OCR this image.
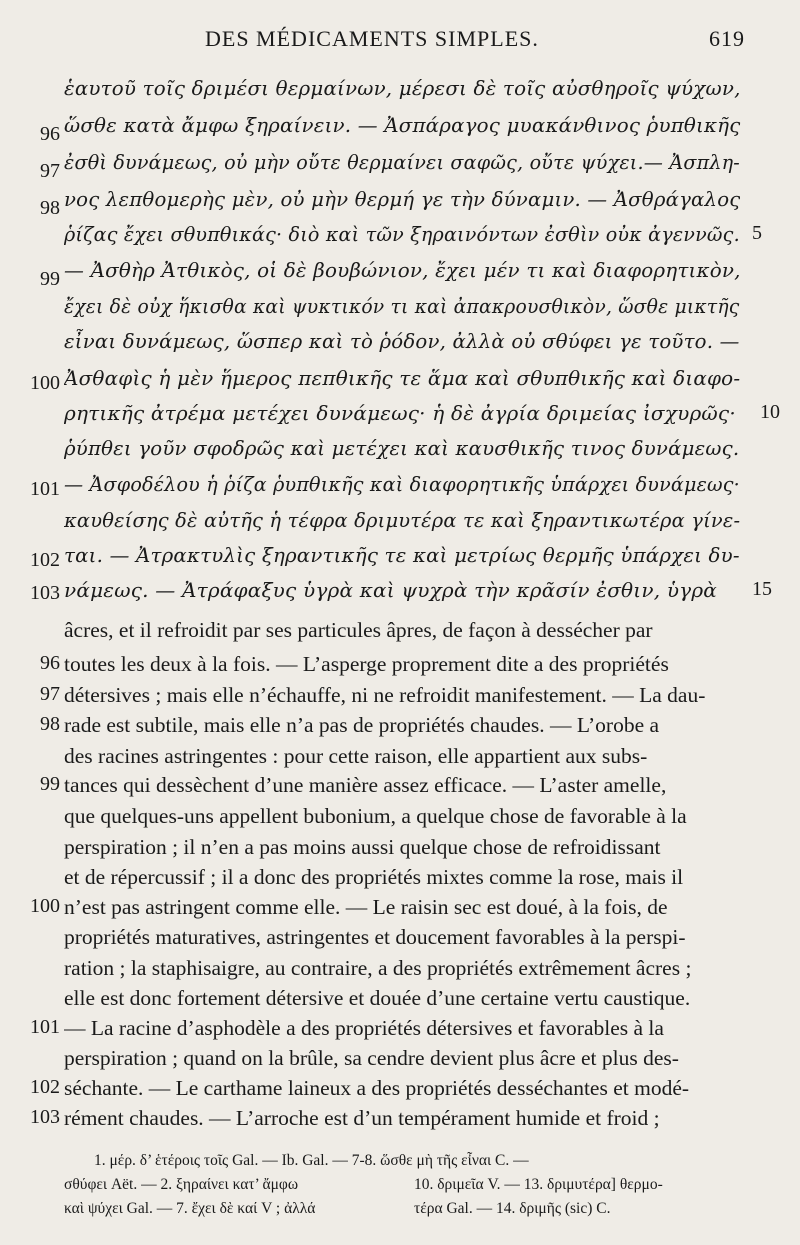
DES MÉDICAMENTS SIMPLES.	619
ἑαυτοῦ τοῖς δριμέσι θερμαίνων, μέρεσι δὲ τοῖς αὐσθηροῖς ψύχων,
96 ὥσθε κατὰ ἄμφω ξηραίνειν. — Ἀσπάραγος μυακάνθινος ῥυπθικῆς
97 ἐσθὶ δυνάμεως, οὐ μὴν οὔτε θερμαίνει σαφῶς, οὔτε ψύχει.— Ἀσπλη-
98 νος λεπθομερὴς μὲν, οὐ μὴν θερμή γε τὴν δύναμιν. — Ἀσθράγαλος
ῥίζας ἔχει σθυπθικάς· διὸ καὶ τῶν ξηραινόντων ἐσθὶν οὐκ ἀγεννῶς. 5
99 — Ἀσθὴρ Ἀτθικὸς, οἱ δὲ βουβώνιον, ἔχει μέν τι καὶ διαφορητικὸν,
ἔχει δὲ οὐχ ἥκισθα καὶ ψυκτικόν τι καὶ ἀπακρουσθικὸν, ὥσθε μικτῆς
εἶναι δυνάμεως, ὥσπερ καὶ τὸ ῥόδον, ἀλλὰ οὐ σθύφει γε τοῦτο. —
100 Ἀσθαφὶς ἡ μὲν ἥμερος πεπθικῆς τε ἅμα καὶ σθυπθικῆς καὶ διαφο-
ρητικῆς ἀτρέμα μετέχει δυνάμεως· ἡ δὲ ἀγρία δριμείας ἰσχυρῶς· 10
ῥύπθει γοῦν σφοδρῶς καὶ μετέχει καὶ καυσθικῆς τινος δυνάμεως.
101 — Ἀσφοδέλου ἡ ῥίζα ῥυπθικῆς καὶ διαφορητικῆς ὑπάρχει δυνάμεως·
καυθείσης δὲ αὐτῆς ἡ τέφρα δριμυτέρα τε καὶ ξηραντικωτέρα γίνε-
102 ται. — Ἀτρακτυλὶς ξηραντικῆς τε καὶ μετρίως θερμῆς ὑπάρχει δυ-
103 νάμεως. — Ἀτράφαξυς ὑγρὰ καὶ ψυχρὰ τὴν κρᾶσίν ἐσθιν, ὑγρὰ	15
âcres, et il refroidit par ses particules âpres, de façon à dessécher par
96 toutes les deux à la fois. — L’asperge proprement dite a des propriétés
97 détersives ; mais elle n’échauffe, ni ne refroidit manifestement. — La dau-
98 rade est subtile, mais elle n’a pas de propriétés chaudes. — L’orobe a
des racines astringentes : pour cette raison, elle appartient aux subs-
99 tances qui dessèchent d’une manière assez efficace. — L’aster amelle,
que quelques-uns appellent bubonium, a quelque chose de favorable à la
perspiration ; il n’en a pas moins aussi quelque chose de refroidissant
et de répercussif ; il a donc des propriétés mixtes comme la rose, mais il
100 n’est pas astringent comme elle. — Le raisin sec est doué, à la fois, de
propriétés maturatives, astringentes et doucement favorables à la perspi-
ration ; la staphisaigre, au contraire, a des propriétés extrêmement âcres ;
elle est donc fortement détersive et douée d’une certaine vertu caustique.
101 — La racine d’asphodèle a des propriétés détersives et favorables à la
perspiration ; quand on la brûle, sa cendre devient plus âcre et plus des-
102 séchante. — Le carthame laineux a des propriétés desséchantes et modé-
103 rément chaudes. — L’arroche est d’un tempérament humide et froid ;
1. μέρ. δ’ ἑτέροις τοῖς Gal. — Ib. Gal. — 7-8. ὥσθε μὴ τῆς εἶναι C. —
σθύφει Aët. — 2. ξηραίνει κατ’ ἄμφω	10. δριμεῖα V. — 13. δριμυτέρα] θερμο-
καὶ ψύχει Gal. — 7. ἔχει δὲ καί V ; ἀλλά	τέρα Gal. — 14. δριμῆς (sic) C.
